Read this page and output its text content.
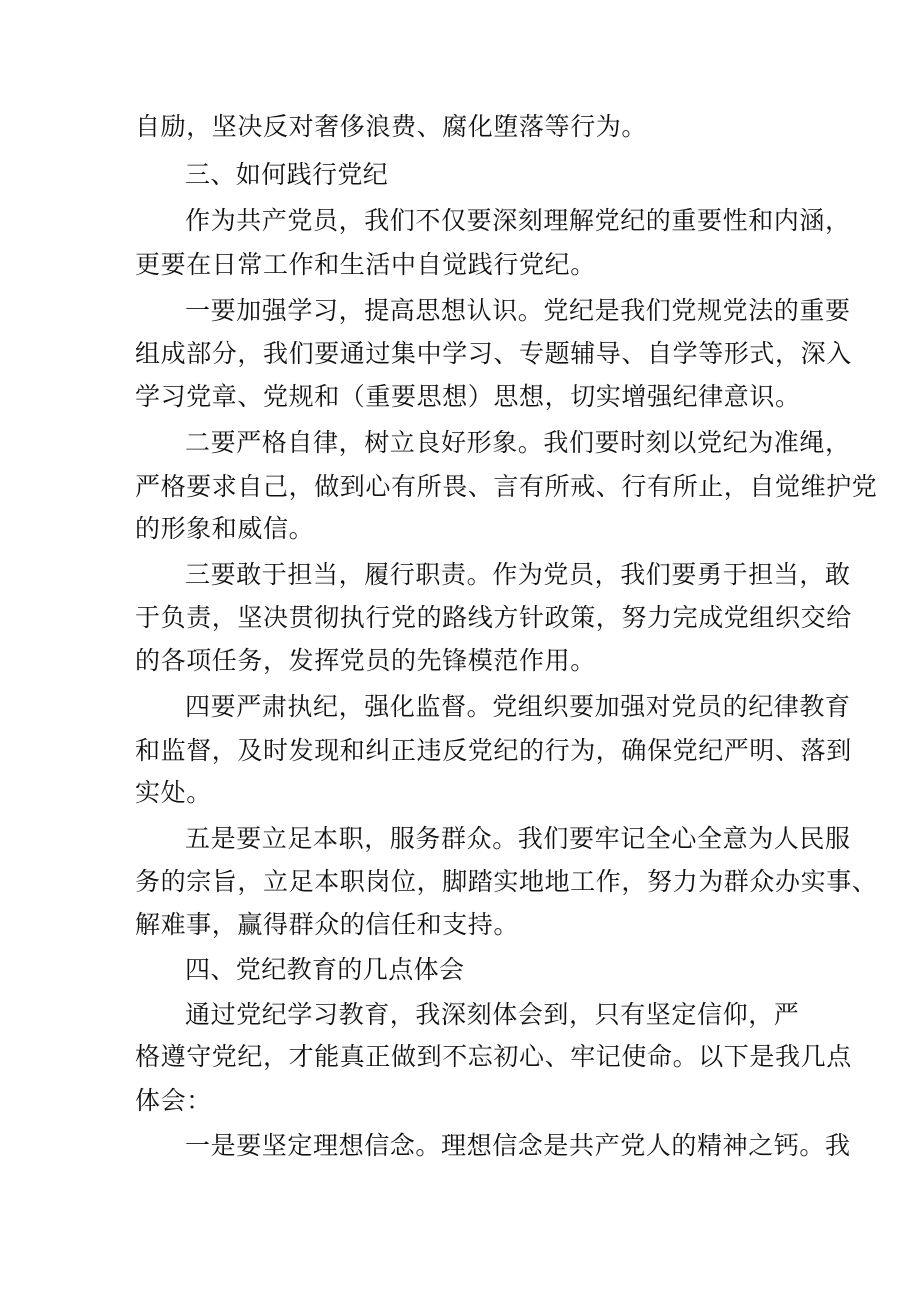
自励，坚决反对奢侈浪费、腐化堕落等行为。
三、如何践行党纪
作为共产党员，我们不仅要深刻理解党纪的重要性和内涵，
更要在日常工作和生活中自觉践行党纪。
一要加强学习，提高思想认识。党纪是我们党规党法的重要
组成部分，我们要通过集中学习、专题辅导、自学等形式，深入
学习党章、党规和（重要思想）思想，切实增强纪律意识。
二要严格自律，树立良好形象。我们要时刻以党纪为准绳，
严格要求自己，做到心有所畏、言有所戒、行有所止，自觉维护党
的形象和威信。
三要敢于担当，履行职责。作为党员，我们要勇于担当，敢
于负责，坚决贯彻执行党的路线方针政策，努力完成党组织交给
的各项任务，发挥党员的先锋模范作用。
四要严肃执纪，强化监督。党组织要加强对党员的纪律教育
和监督，及时发现和纠正违反党纪的行为，确保党纪严明、落到
实处。
五是要立足本职，服务群众。我们要牢记全心全意为人民服
务的宗旨，立足本职岗位，脚踏实地地工作，努力为群众办实事、
解难事，赢得群众的信任和支持。
四、党纪教育的几点体会
通过党纪学习教育，我深刻体会到，只有坚定信仰，严
格遵守党纪，才能真正做到不忘初心、牢记使命。以下是我几点
体会：
一是要坚定理想信念。理想信念是共产党人的精神之钙。我
